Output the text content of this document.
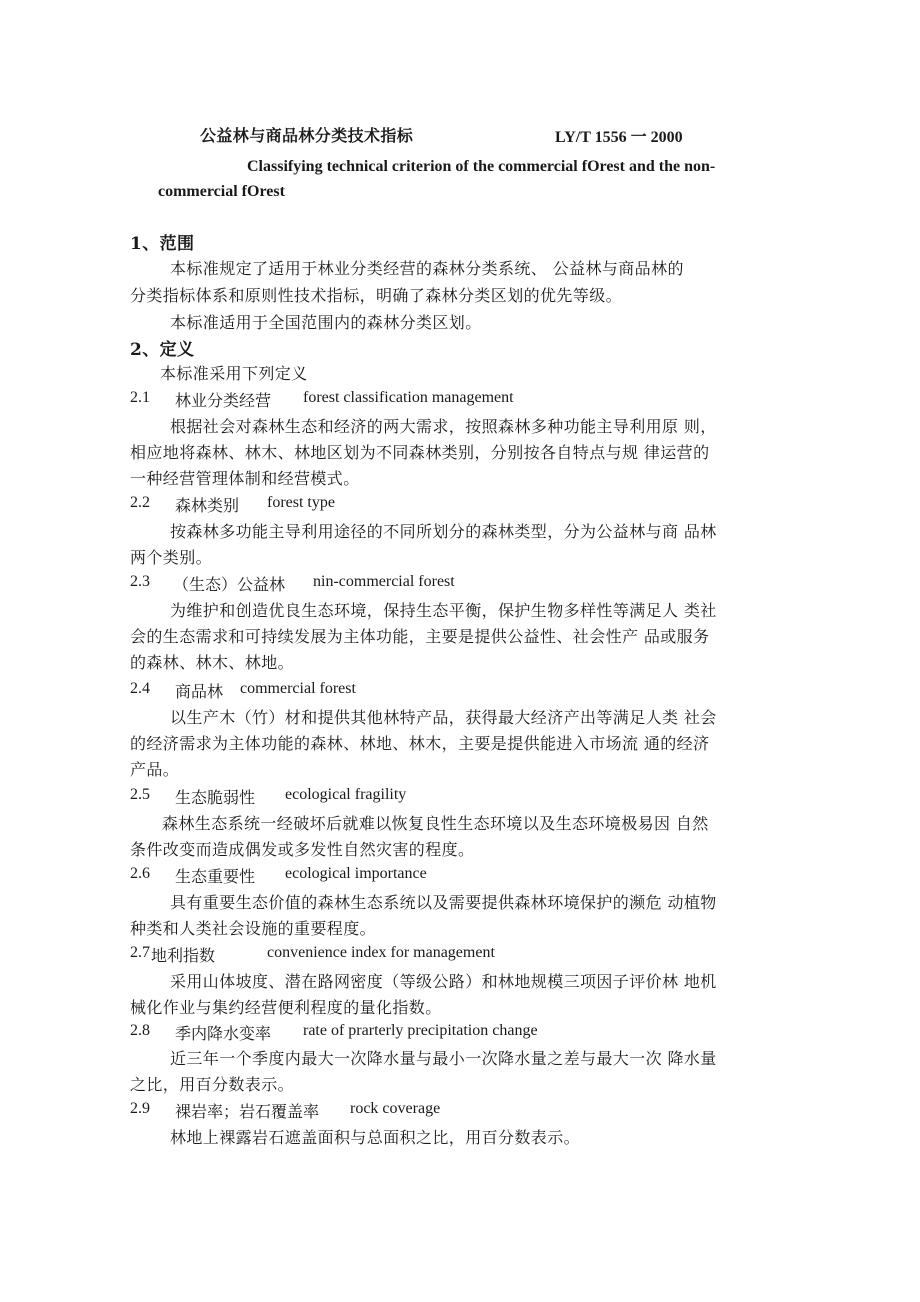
公益林与商品林分类技术指标	LY/T 1556 一 2000
Classifying technical criterion of the commercial fOrest and the non-
commercial fOrest
1、范围
本标准规定了适用于林业分类经营的森林分类系统、 公益林与商品林的
分类指标体系和原则性技术指标，明确了森林分类区划的优先等级。
本标准适用于全国范围内的森林分类区划。
2、定义
本标准采用下列定义
2.1 林业分类经营 forest classification management
根据社会对森林生态和经济的两大需求，按照森林多种功能主导利用原 则，
相应地将森林、林木、林地区划为不同森林类别，分别按各自特点与规 律运营的
一种经营管理体制和经营模式。
2.2 森林类别 forest type
按森林多功能主导利用途径的不同所划分的森林类型，分为公益林与商 品林
两个类别。
2.3 （生态）公益林 nin-commercial forest
为维护和创造优良生态环境，保持生态平衡，保护生物多样性等满足人 类社
会的生态需求和可持续发展为主体功能，主要是提供公益性、社会性产 品或服务
的森林、林木、林地。
2.4 商品林 commercial forest
以生产木（竹）材和提供其他林特产品，获得最大经济产出等满足人类 社会
的经济需求为主体功能的森林、林地、林木，主要是提供能进入市场流 通的经济
产品。
2.5 生态脆弱性 ecological fragility
森林生态系统一经破坏后就难以恢复良性生态环境以及生态环境极易因 自然
条件改变而造成偶发或多发性自然灾害的程度。
2.6 生态重要性 ecological importance
具有重要生态价值的森林生态系统以及需要提供森林环境保护的濒危 动植物
种类和人类社会设施的重要程度。
2.7 地利指数	convenience index for management
采用山体坡度、潜在路网密度（等级公路）和林地规模三项因子评价林 地机
械化作业与集约经营便利程度的量化指数。
2.8 季内降水变率 rate of prarterly precipitation change
近三年一个季度内最大一次降水量与最小一次降水量之差与最大一次 降水量
之比，用百分数表示。
2.9 裸岩率；岩石覆盖率 rock coverage
林地上裸露岩石遮盖面积与总面积之比，用百分数表示。
